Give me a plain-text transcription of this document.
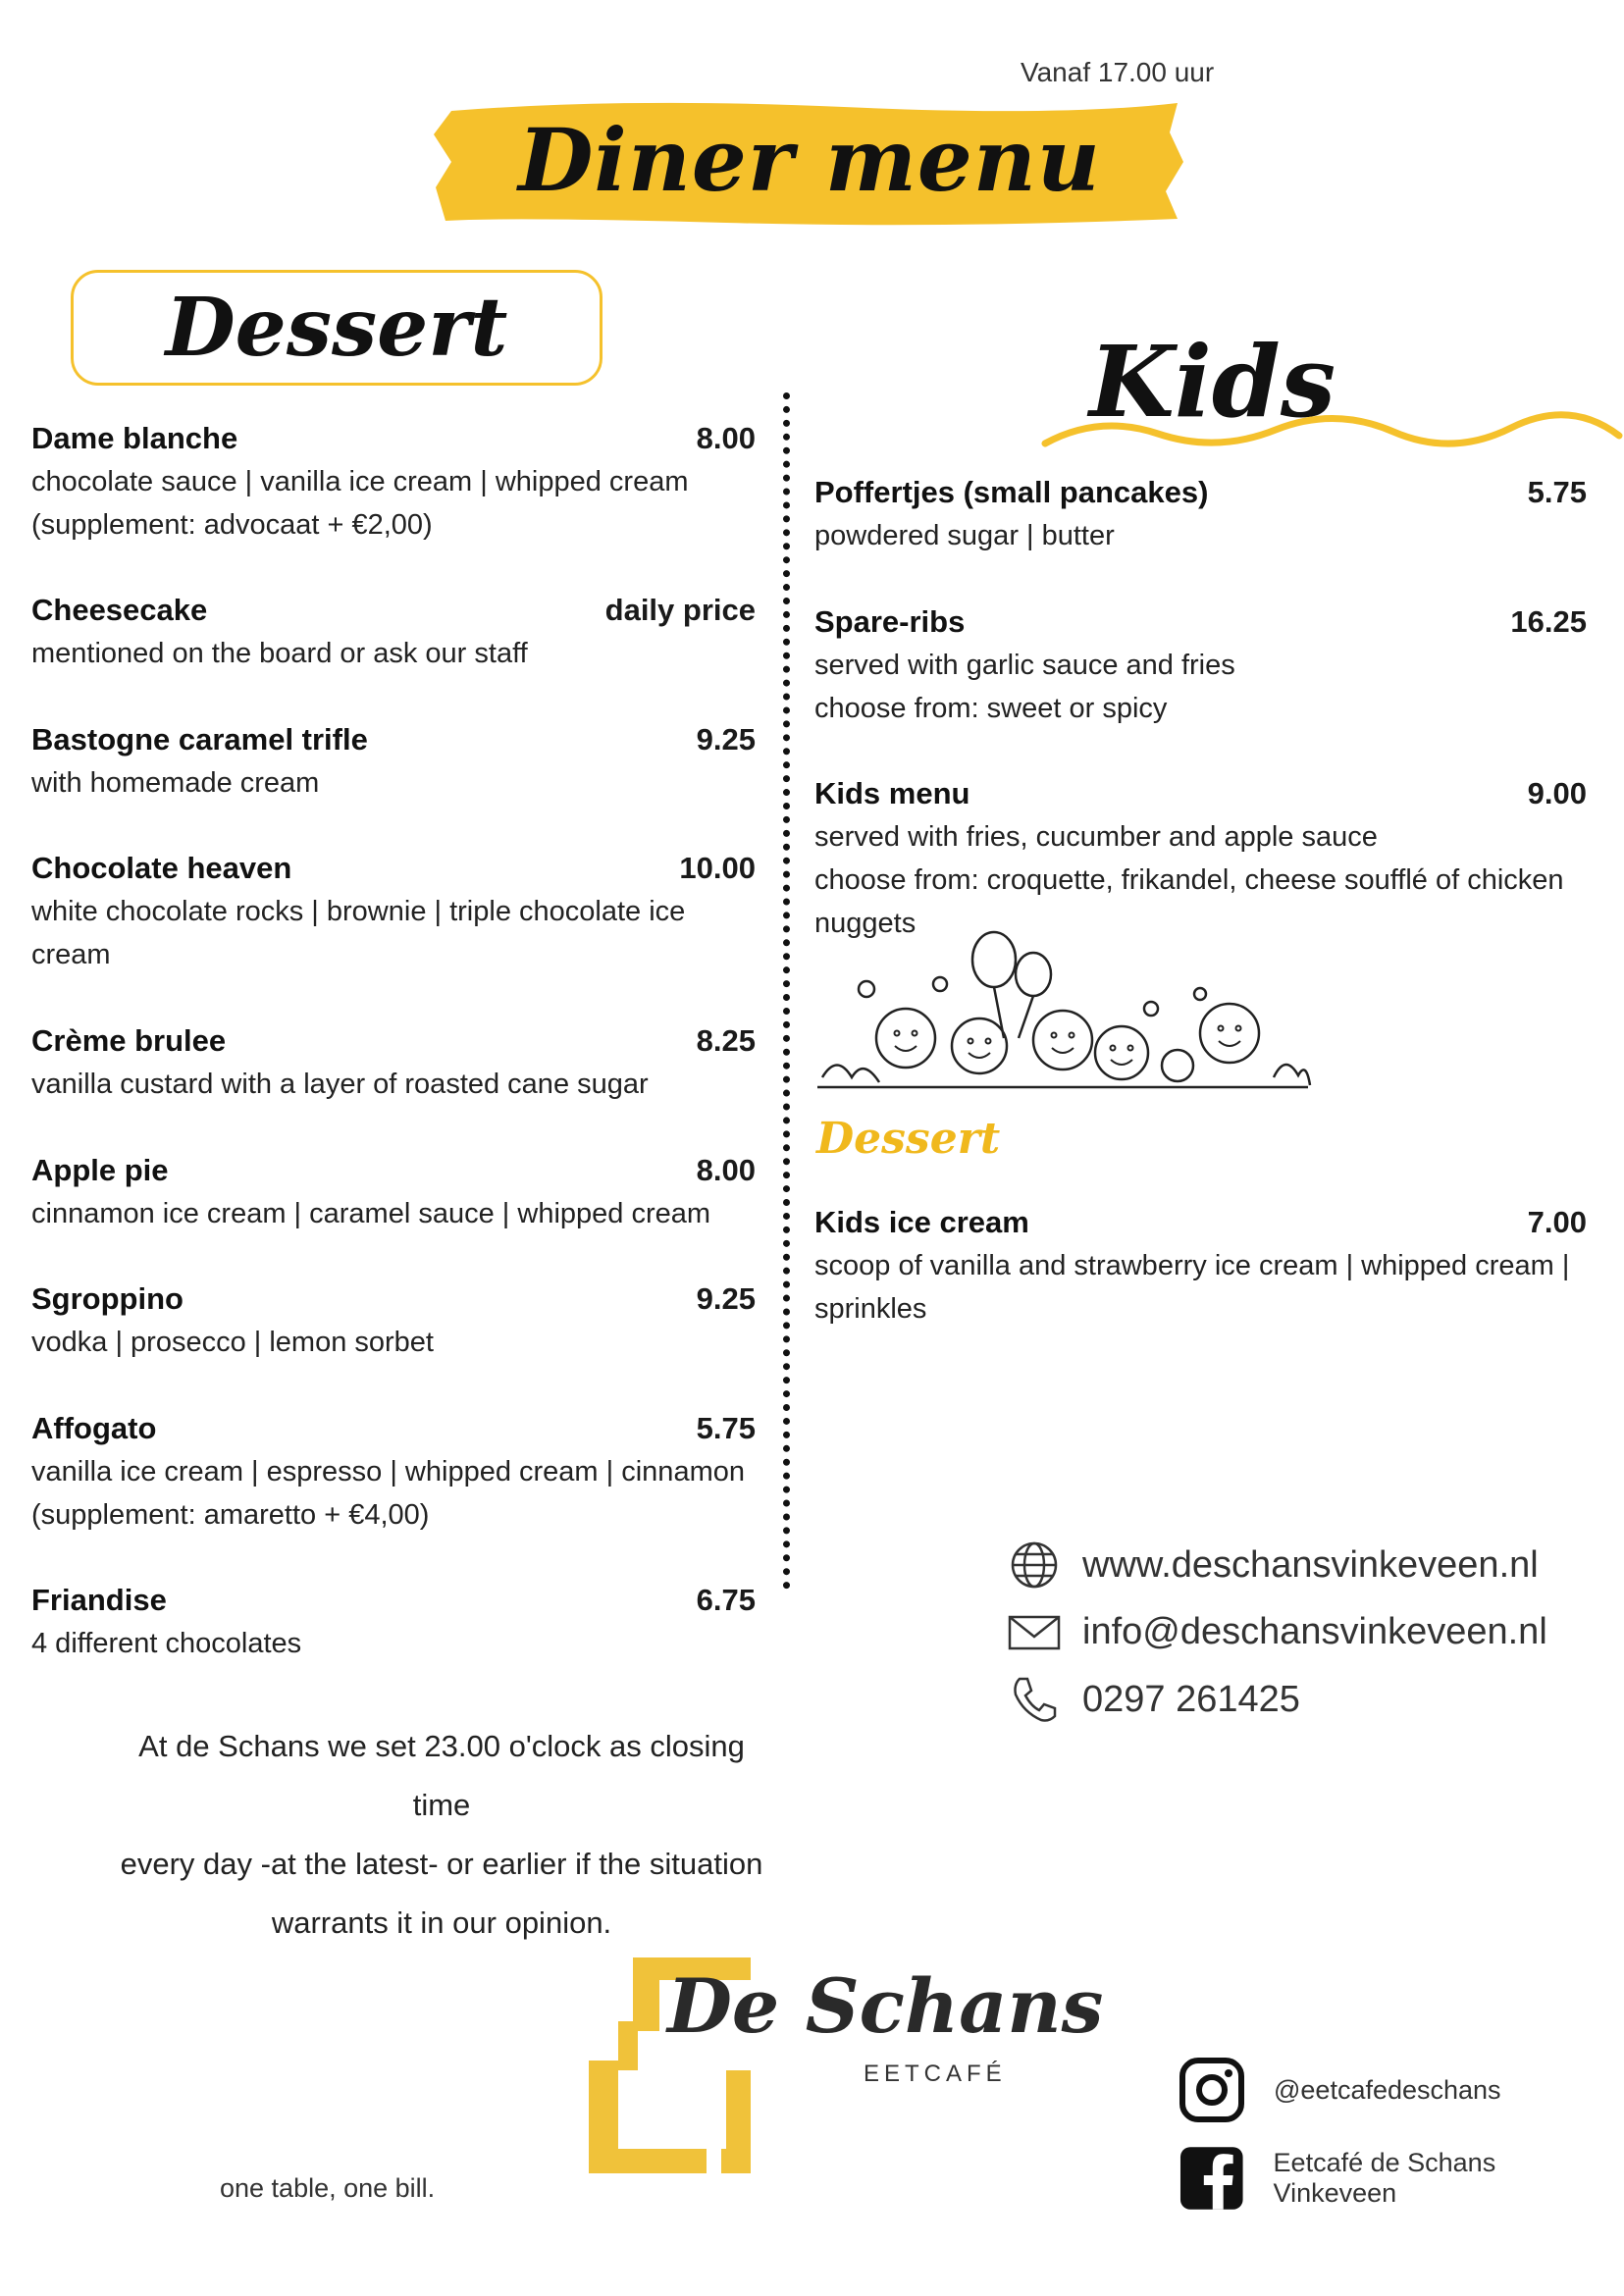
Vanaf 17.00 uur
Diner menu
Dessert	Kids
Dame blanche	8.00
chocolate sauce | vanilla ice cream | whipped cream
(supplement: advocaat + €2,00)
Cheesecake	daily price
mentioned on the board or ask our staff
Bastogne caramel trifle	9.25
with homemade cream
Chocolate heaven	10.00
white chocolate rocks | brownie | triple chocolate ice
cream
Crème brulee	8.25
vanilla custard with a layer of roasted cane sugar
Apple pie	8.00
cinnamon ice cream | caramel sauce | whipped cream
Sgroppino	9.25
vodka | prosecco | lemon sorbet
Affogato	5.75
vanilla ice cream | espresso | whipped cream | cinnamon
(supplement: amaretto + €4,00)
Friandise	6.75
4 different chocolates
Poffertjes (small pancakes)	5.75
powdered sugar | butter
Spare-ribs	16.25
served with garlic sauce and fries
choose from: sweet or spicy
Kids menu	9.00
served with fries, cucumber and apple sauce
choose from: croquette, frikandel, cheese soufflé of chicken
nuggets
Dessert
Kids ice cream	7.00
scoop of vanilla and strawberry ice cream | whipped cream |
sprinkles
www.deschansvinkeveen.nl
info@deschansvinkeveen.nl
0297 261425
At de Schans we set 23.00 o'clock as closing time
every day -at the latest- or earlier if the situation
warrants it in our opinion.
De Schans
EETCAFÉ
@eetcafedeschans
Eetcafé de Schans Vinkeveen
one table, one bill.
